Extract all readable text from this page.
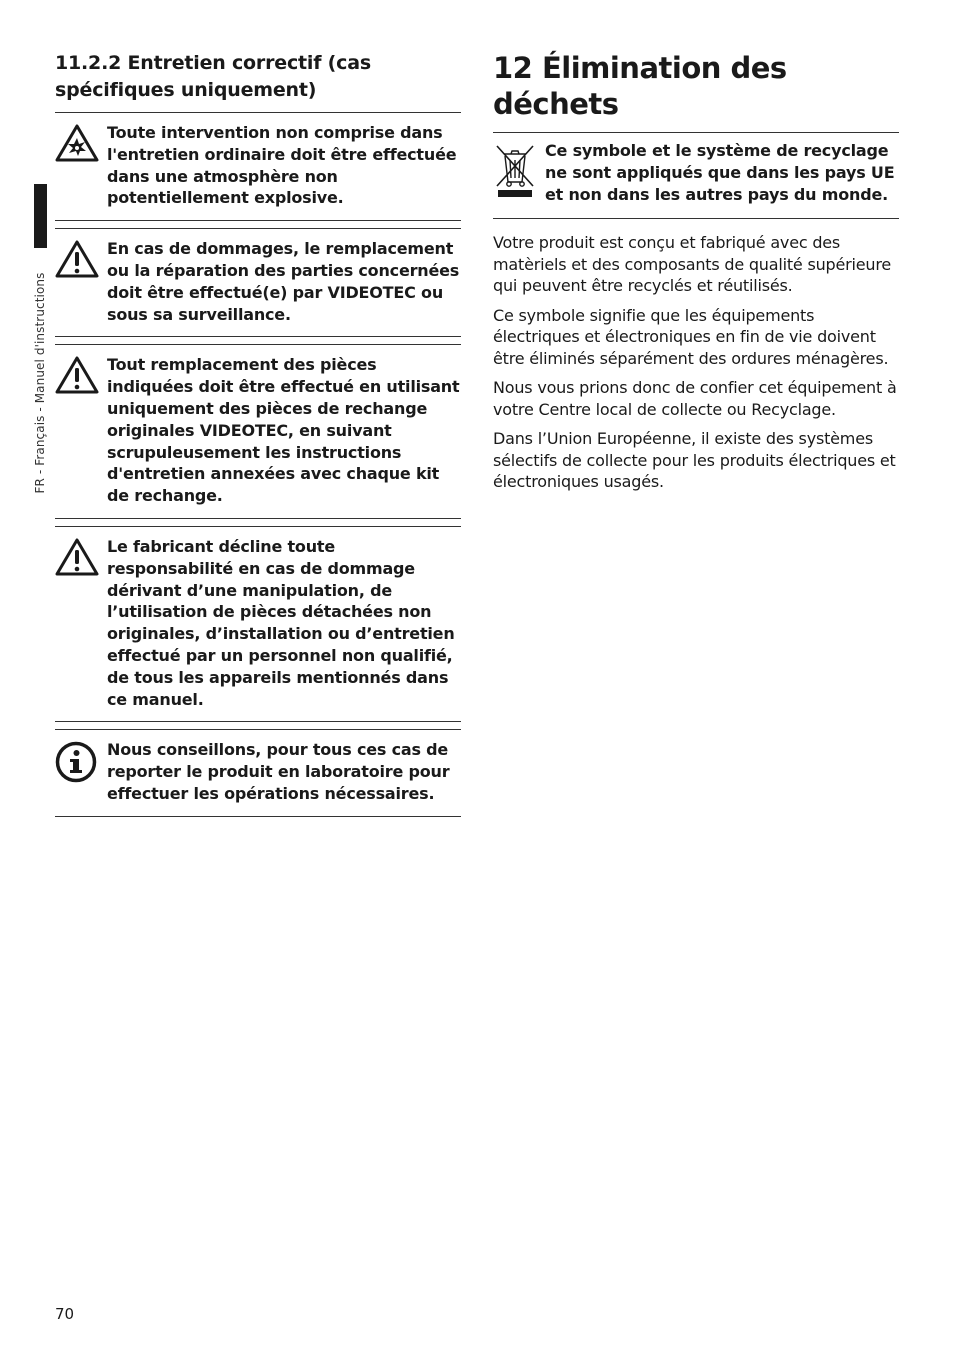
FR - Français - Manuel d'instructions
11.2.2 Entretien correctif (cas spécifiques uniquement)
Toute intervention non comprise dans l'entretien ordinaire doit être effectuée dans une atmosphère non potentiellement explosive.
En cas de dommages, le remplacement ou la réparation des parties concernées doit être effectué(e) par VIDEOTEC ou sous sa surveillance.
Tout remplacement des pièces indiquées doit être effectué en utilisant uniquement des pièces de rechange originales VIDEOTEC, en suivant scrupuleusement les instructions d'entretien annexées avec chaque kit de rechange.
Le fabricant décline toute responsabilité en cas de dommage dérivant d’une manipulation, de l’utilisation de pièces détachées non originales, d’installation ou d’entretien effectué par un personnel non qualifié, de tous les appareils mentionnés dans ce manuel.
Nous conseillons, pour tous ces cas de reporter le produit en laboratoire pour effectuer les opérations nécessaires.
12 Élimination des déchets
Ce symbole et le système de recyclage ne sont appliqués que dans les pays UE et non dans les autres pays du monde.

Votre produit est conçu et fabriqué avec des matèriels et des composants de qualité supérieure qui peuvent être recyclés et réutilisés.

Ce symbole signifie que les équipements électriques et électroniques en fin de vie doivent être éliminés séparément des ordures ménagères.

Nous vous prions donc de confier cet équipement à votre Centre local de collecte ou Recyclage.

Dans l’Union Européenne, il existe des systèmes sélectifs de collecte pour les produits électriques et électroniques usagés.

70
